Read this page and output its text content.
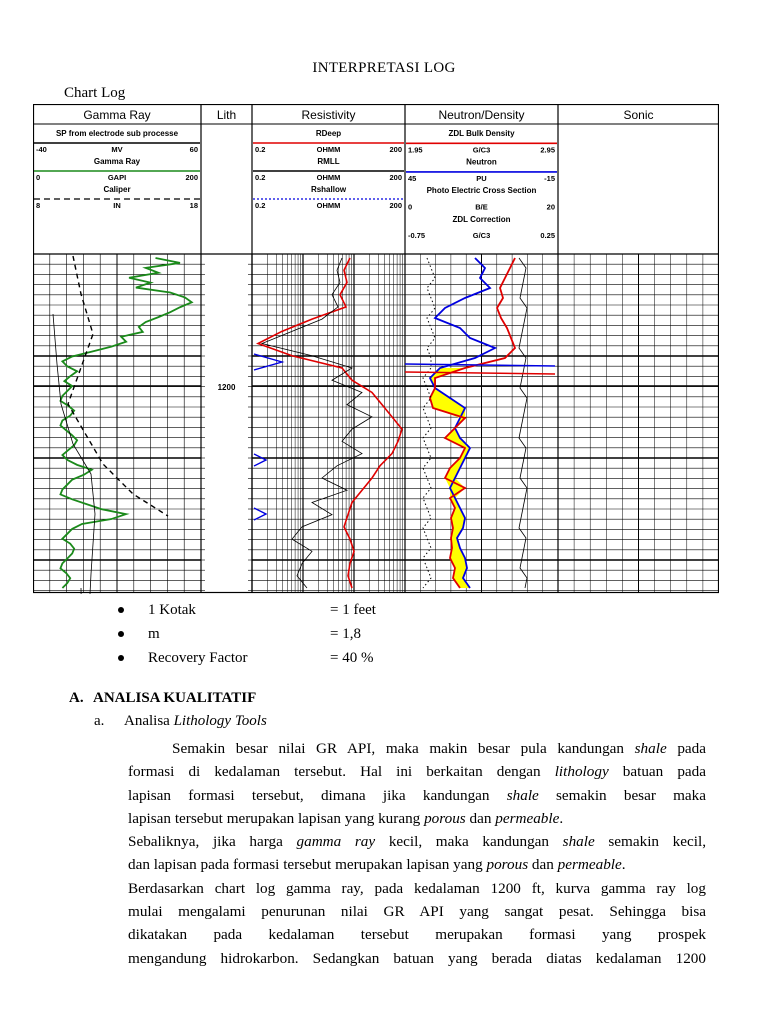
INTERPRETASI LOG
Chart Log
Gamma Ray	Lith	Resistivity	Neutron/Density	Sonic
SP from electrode sub processe
-40	MV	60
Gamma Ray
0	GAPI	200
Caliper
8	IN	18
RDeep
0.2	OHMM	200
RMLL
0.2	OHMM	200
Rshallow
0.2	OHMM	200
ZDL Bulk Density
1.95	G/C3	2.95
Neutron
45	PU	-15
Photo Electric Cross Section
0	B/E	20
ZDL Correction
-0.75	G/C3	0.25
1200
1 Kotak	= 1 feet
m	= 1,8
Recovery Factor	= 40 %
A. ANALISA KUALITATIF
a. Analisa Lithology Tools
Semakin besar nilai GR API, maka makin besar pula kandungan shale pada
formasi di kedalaman tersebut. Hal ini berkaitan dengan lithology batuan pada
lapisan formasi tersebut, dimana jika kandungan shale semakin besar maka
lapisan tersebut merupakan lapisan yang kurang porous dan permeable.
Sebaliknya, jika harga gamma ray kecil, maka kandungan shale semakin kecil,
dan lapisan pada formasi tersebut merupakan lapisan yang porous dan permeable.
Berdasarkan chart log gamma ray, pada kedalaman 1200 ft, kurva gamma ray log
mulai mengalami penurunan nilai GR API yang sangat pesat. Sehingga bisa
dikatakan pada kedalaman tersebut merupakan formasi yang prospek
mengandung hidrokarbon. Sedangkan batuan yang berada diatas kedalaman 1200
